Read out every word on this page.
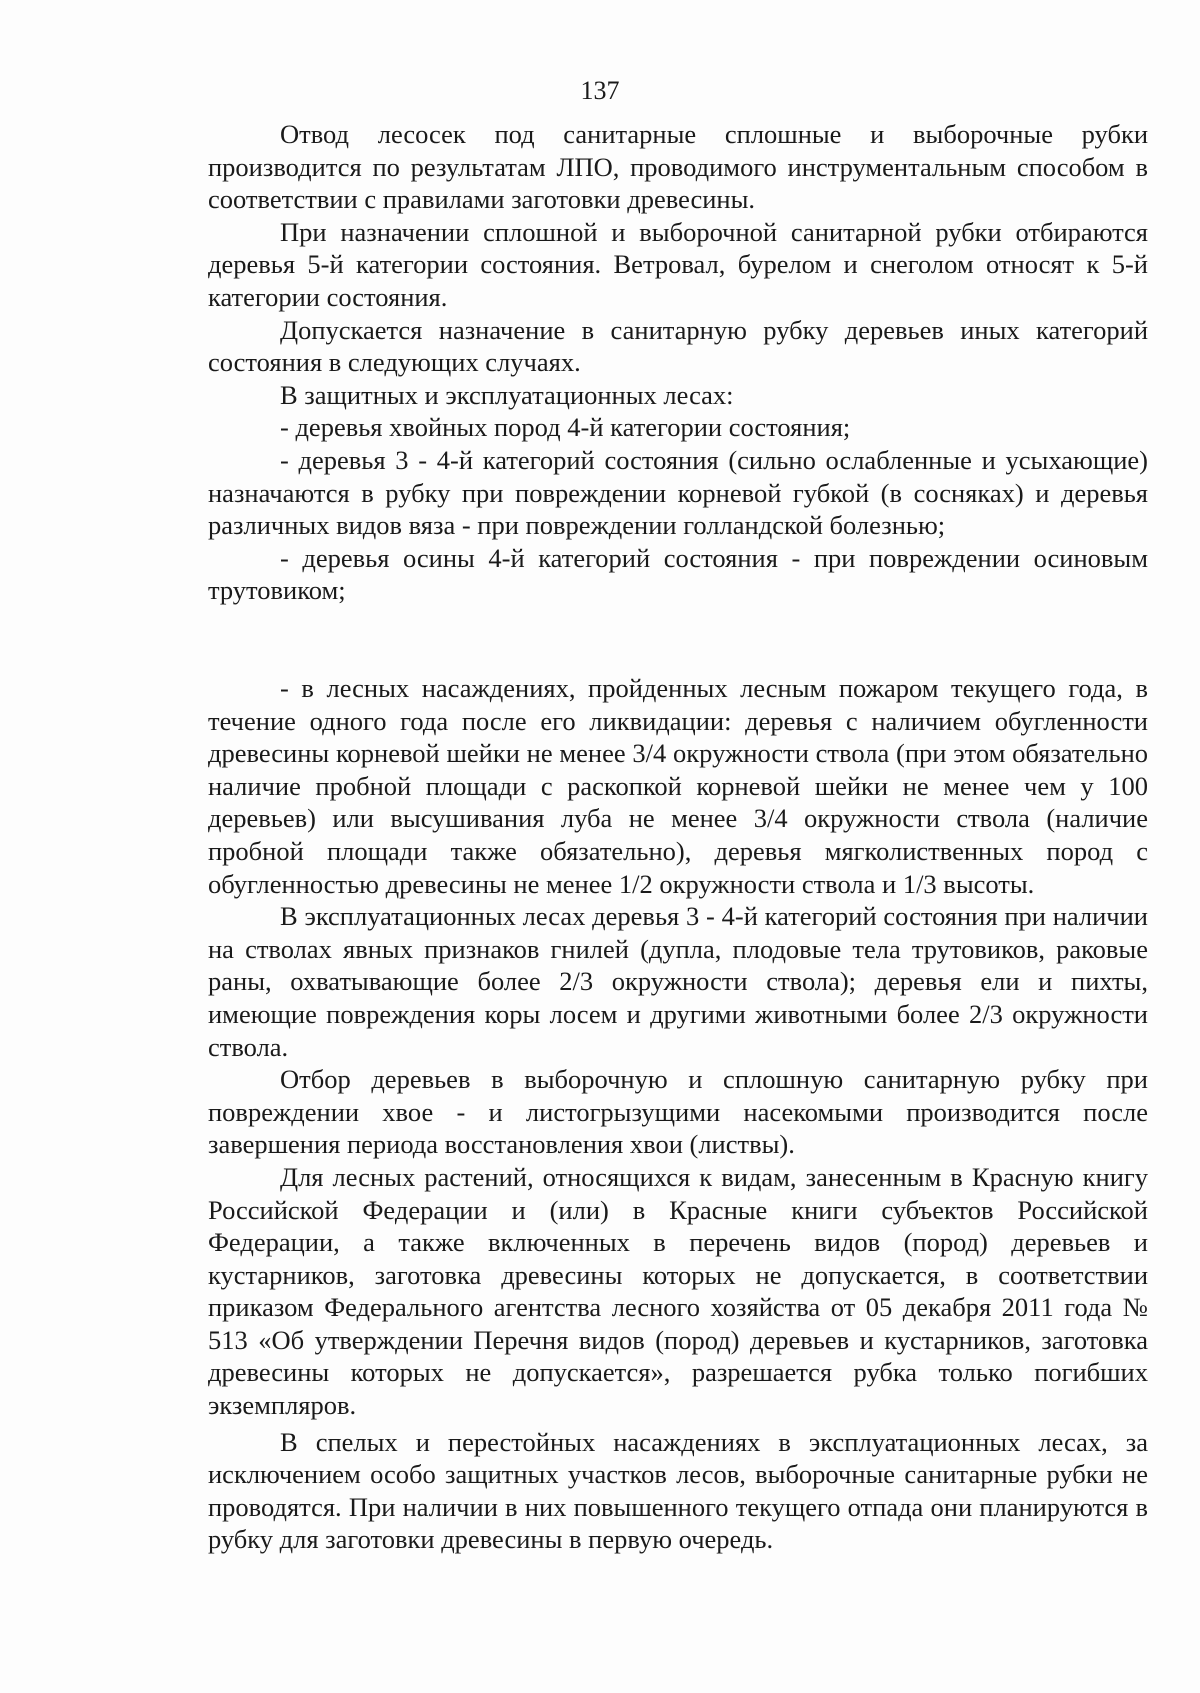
137

Отвод лесосек под санитарные сплошные и выборочные рубки производится по результатам ЛПО, проводимого инструментальным способом в соответствии с правилами заготовки древесины.

При назначении сплошной и выборочной санитарной рубки отбираются деревья 5-й категории состояния. Ветровал, бурелом и снеголом относят к 5-й категории состояния.

Допускается назначение в санитарную рубку деревьев иных категорий состояния в следующих случаях.

В защитных и эксплуатационных лесах:

- деревья хвойных пород 4-й категории состояния;

- деревья 3 - 4-й категорий состояния (сильно ослабленные и усыхающие) назначаются в рубку при повреждении корневой губкой (в сосняках) и деревья различных видов вяза - при повреждении голландской болезнью;

- деревья осины 4-й категорий состояния - при повреждении осиновым трутовиком;

- в лесных насаждениях, пройденных лесным пожаром текущего года, в течение одного года после его ликвидации: деревья с наличием обугленности древесины корневой шейки не менее 3/4 окружности ствола (при этом обязательно наличие пробной площади с раскопкой корневой шейки не менее чем у 100 деревьев) или высушивания луба не менее 3/4 окружности ствола (наличие пробной площади также обязательно), деревья мягколиственных пород с обугленностью древесины не менее 1/2 окружности ствола и 1/3 высоты.

В эксплуатационных лесах деревья 3 - 4-й категорий состояния при наличии на стволах явных признаков гнилей (дупла, плодовые тела трутовиков, раковые раны, охватывающие более 2/3 окружности ствола); деревья ели и пихты, имеющие повреждения коры лосем и другими животными более 2/3 окружности ствола.

Отбор деревьев в выборочную и сплошную санитарную рубку при повреждении хвое - и листогрызущими насекомыми производится после завершения периода восстановления хвои (листвы).

Для лесных растений, относящихся к видам, занесенным в Красную книгу Российской Федерации и (или) в Красные книги субъектов Российской Федерации, а также включенных в перечень видов (пород) деревьев и кустарников, заготовка древесины которых не допускается, в соответствии приказом Федерального агентства лесного хозяйства от 05 декабря 2011 года № 513 «Об утверждении Перечня видов (пород) деревьев и кустарников, заготовка древесины которых не допускается», разрешается рубка только погибших экземпляров.

В спелых и перестойных насаждениях в эксплуатационных лесах, за исключением особо защитных участков лесов, выборочные санитарные рубки не проводятся. При наличии в них повышенного текущего отпада они планируются в рубку для заготовки древесины в первую очередь.
